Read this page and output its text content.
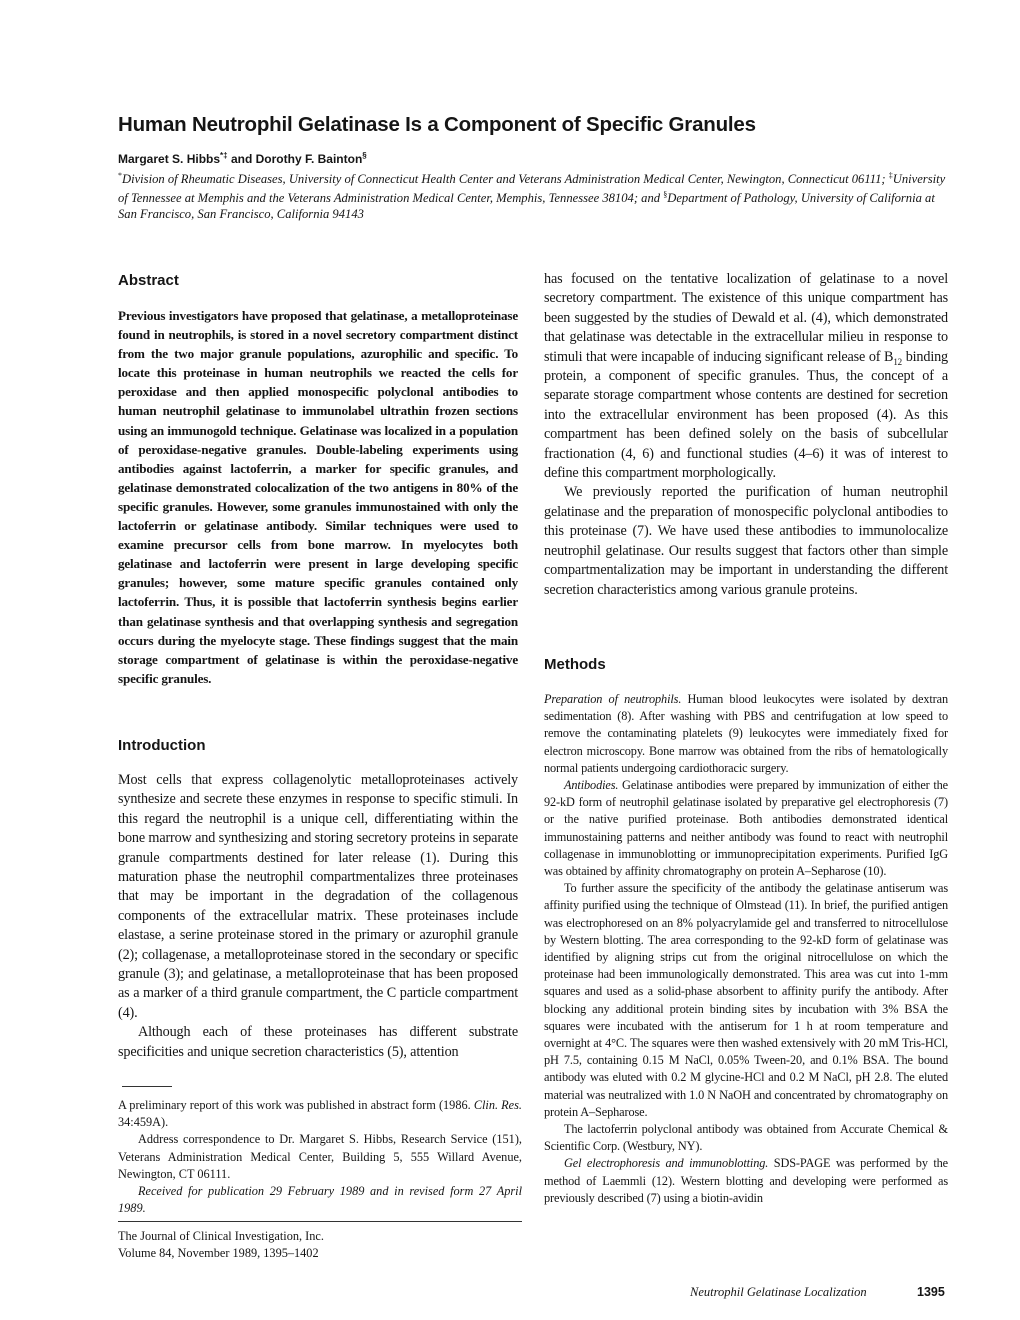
Human Neutrophil Gelatinase Is a Component of Specific Granules
Margaret S. Hibbs*‡ and Dorothy F. Bainton§
*Division of Rheumatic Diseases, University of Connecticut Health Center and Veterans Administration Medical Center, Newington, Connecticut 06111; ‡University of Tennessee at Memphis and the Veterans Administration Medical Center, Memphis, Tennessee 38104; and §Department of Pathology, University of California at San Francisco, San Francisco, California 94143
Abstract
Previous investigators have proposed that gelatinase, a metalloproteinase found in neutrophils, is stored in a novel secretory compartment distinct from the two major granule populations, azurophilic and specific. To locate this proteinase in human neutrophils we reacted the cells for peroxidase and then applied monospecific polyclonal antibodies to human neutrophil gelatinase to immunolabel ultrathin frozen sections using an immunogold technique. Gelatinase was localized in a population of peroxidase-negative granules. Double-labeling experiments using antibodies against lactoferrin, a marker for specific granules, and gelatinase demonstrated colocalization of the two antigens in 80% of the specific granules. However, some granules immunostained with only the lactoferrin or gelatinase antibody. Similar techniques were used to examine precursor cells from bone marrow. In myelocytes both gelatinase and lactoferrin were present in large developing specific granules; however, some mature specific granules contained only lactoferrin. Thus, it is possible that lactoferrin synthesis begins earlier than gelatinase synthesis and that overlapping synthesis and segregation occurs during the myelocyte stage. These findings suggest that the main storage compartment of gelatinase is within the peroxidase-negative specific granules.
Introduction

Most cells that express collagenolytic metalloproteinases actively synthesize and secrete these enzymes in response to specific stimuli. In this regard the neutrophil is a unique cell, differentiating within the bone marrow and synthesizing and storing secretory proteins in separate granule compartments destined for later release (1). During this maturation phase the neutrophil compartmentalizes three proteinases that may be important in the degradation of the collagenous components of the extracellular matrix. These proteinases include elastase, a serine proteinase stored in the primary or azurophil granule (2); collagenase, a metalloproteinase stored in the secondary or specific granule (3); and gelatinase, a metalloproteinase that has been proposed as a marker of a third granule compartment, the C particle compartment (4).

Although each of these proteinases has different substrate specificities and unique secretion characteristics (5), attention

A preliminary report of this work was published in abstract form (1986. Clin. Res. 34:459A).

Address correspondence to Dr. Margaret S. Hibbs, Research Service (151), Veterans Administration Medical Center, Building 5, 555 Willard Avenue, Newington, CT 06111.

Received for publication 29 February 1989 and in revised form 27 April 1989.

The Journal of Clinical Investigation, Inc.
Volume 84, November 1989, 1395–1402

has focused on the tentative localization of gelatinase to a novel secretory compartment. The existence of this unique compartment has been suggested by the studies of Dewald et al. (4), which demonstrated that gelatinase was detectable in the extracellular milieu in response to stimuli that were incapable of inducing significant release of $B_{12}$ binding protein, a component of specific granules. Thus, the concept of a separate storage compartment whose contents are destined for secretion into the extracellular environment has been proposed (4). As this compartment has been defined solely on the basis of subcellular fractionation (4, 6) and functional studies (4–6) it was of interest to define this compartment morphologically.

We previously reported the purification of human neutrophil gelatinase and the preparation of monospecific polyclonal antibodies to this proteinase (7). We have used these antibodies to immunolocalize neutrophil gelatinase. Our results suggest that factors other than simple compartmentalization may be important in understanding the different secretion characteristics among various granule proteins.

Methods

Preparation of neutrophils. Human blood leukocytes were isolated by dextran sedimentation (8). After washing with PBS and centrifugation at low speed to remove the contaminating platelets (9) leukocytes were immediately fixed for electron microscopy. Bone marrow was obtained from the ribs of hematologically normal patients undergoing cardiothoracic surgery.

Antibodies. Gelatinase antibodies were prepared by immunization of either the 92-kD form of neutrophil gelatinase isolated by preparative gel electrophoresis (7) or the native purified proteinase. Both antibodies demonstrated identical immunostaining patterns and neither antibody was found to react with neutrophil collagenase in immunoblotting or immunoprecipitation experiments. Purified IgG was obtained by affinity chromatography on protein A–Sepharose (10).

To further assure the specificity of the antibody the gelatinase antiserum was affinity purified using the technique of Olmstead (11). In brief, the purified antigen was electrophoresed on an 8% polyacrylamide gel and transferred to nitrocellulose by Western blotting. The area corresponding to the 92-kD form of gelatinase was identified by aligning strips cut from the original nitrocellulose on which the proteinase had been immunologically demonstrated. This area was cut into 1-mm squares and used as a solid-phase absorbent to affinity purify the antibody. After blocking any additional protein binding sites by incubation with 3% BSA the squares were incubated with the antiserum for 1 h at room temperature and overnight at 4°C. The squares were then washed extensively with 20 mM Tris-HCl, pH 7.5, containing 0.15 M NaCl, 0.05% Tween-20, and 0.1% BSA. The bound antibody was eluted with 0.2 M glycine-HCl and 0.2 M NaCl, pH 2.8. The eluted material was neutralized with 1.0 N NaOH and concentrated by chromatography on protein A–Sepharose.

The lactoferrin polyclonal antibody was obtained from Accurate Chemical & Scientific Corp. (Westbury, NY).

Gel electrophoresis and immunoblotting. SDS-PAGE was performed by the method of Laemmli (12). Western blotting and developing were performed as previously described (7) using a biotin-avidin

Neutrophil Gelatinase Localization	1395
